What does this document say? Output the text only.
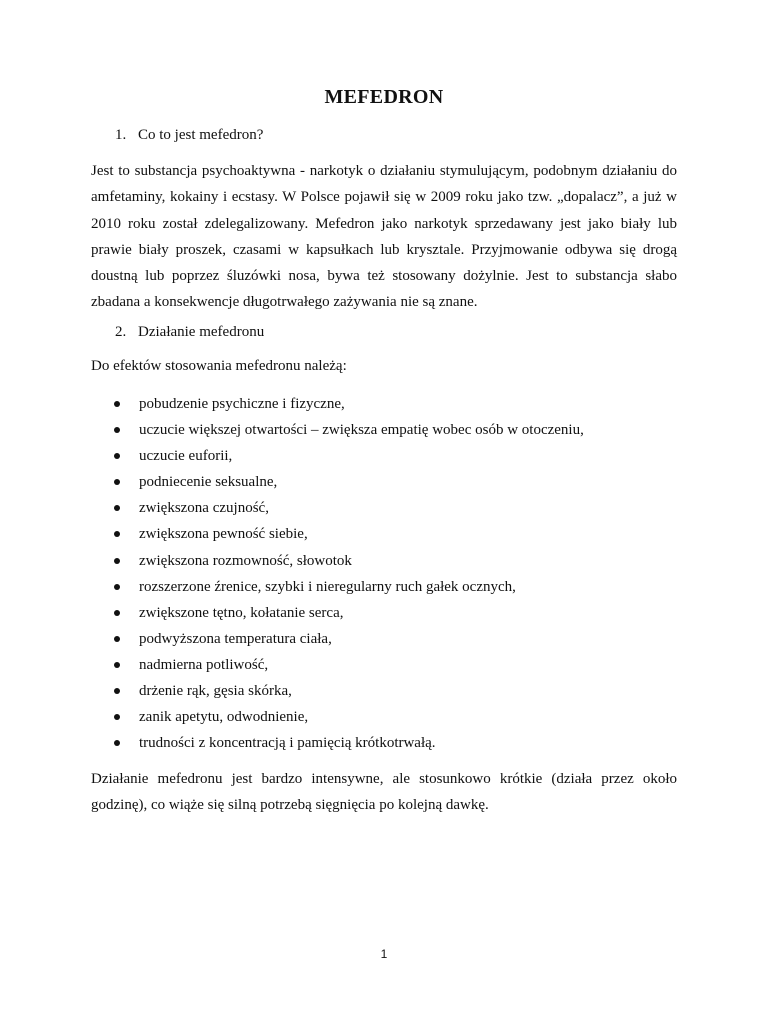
MEFEDRON
1. Co to jest mefedron?

Jest to substancja psychoaktywna - narkotyk o działaniu stymulującym, podobnym działaniu do amfetaminy, kokainy i ecstasy. W Polsce pojawił się w 2009 roku jako tzw. „dopalacz”, a już w 2010 roku został zdelegalizowany. Mefedron jako narkotyk sprzedawany jest jako biały lub prawie biały proszek, czasami w kapsułkach lub krysztale. Przyjmowanie odbywa się drogą doustną lub poprzez śluzówki nosa, bywa też stosowany dożylnie. Jest to substancja słabo zbadana a konsekwencje długotrwałego zażywania nie są znane.

2. Działanie mefedronu
Do efektów stosowania mefedronu należą:
pobudzenie psychiczne i fizyczne,
uczucie większej otwartości – zwiększa empatię wobec osób w otoczeniu,
uczucie euforii,
podniecenie seksualne,
zwiększona czujność,
zwiększona pewność siebie,
zwiększona rozmowność, słowotok
rozszerzone źrenice, szybki i nieregularny ruch gałek ocznych,
zwiększone tętno, kołatanie serca,
podwyższona temperatura ciała,
nadmierna potliwość,
drżenie rąk, gęsia skórka,
zanik apetytu, odwodnienie,
trudności z koncentracją i pamięcią krótkotrwałą.

Działanie mefedronu jest bardzo intensywne, ale stosunkowo krótkie (działa przez około godzinę), co wiąże się silną potrzebą sięgnięcia po kolejną dawkę.

1
